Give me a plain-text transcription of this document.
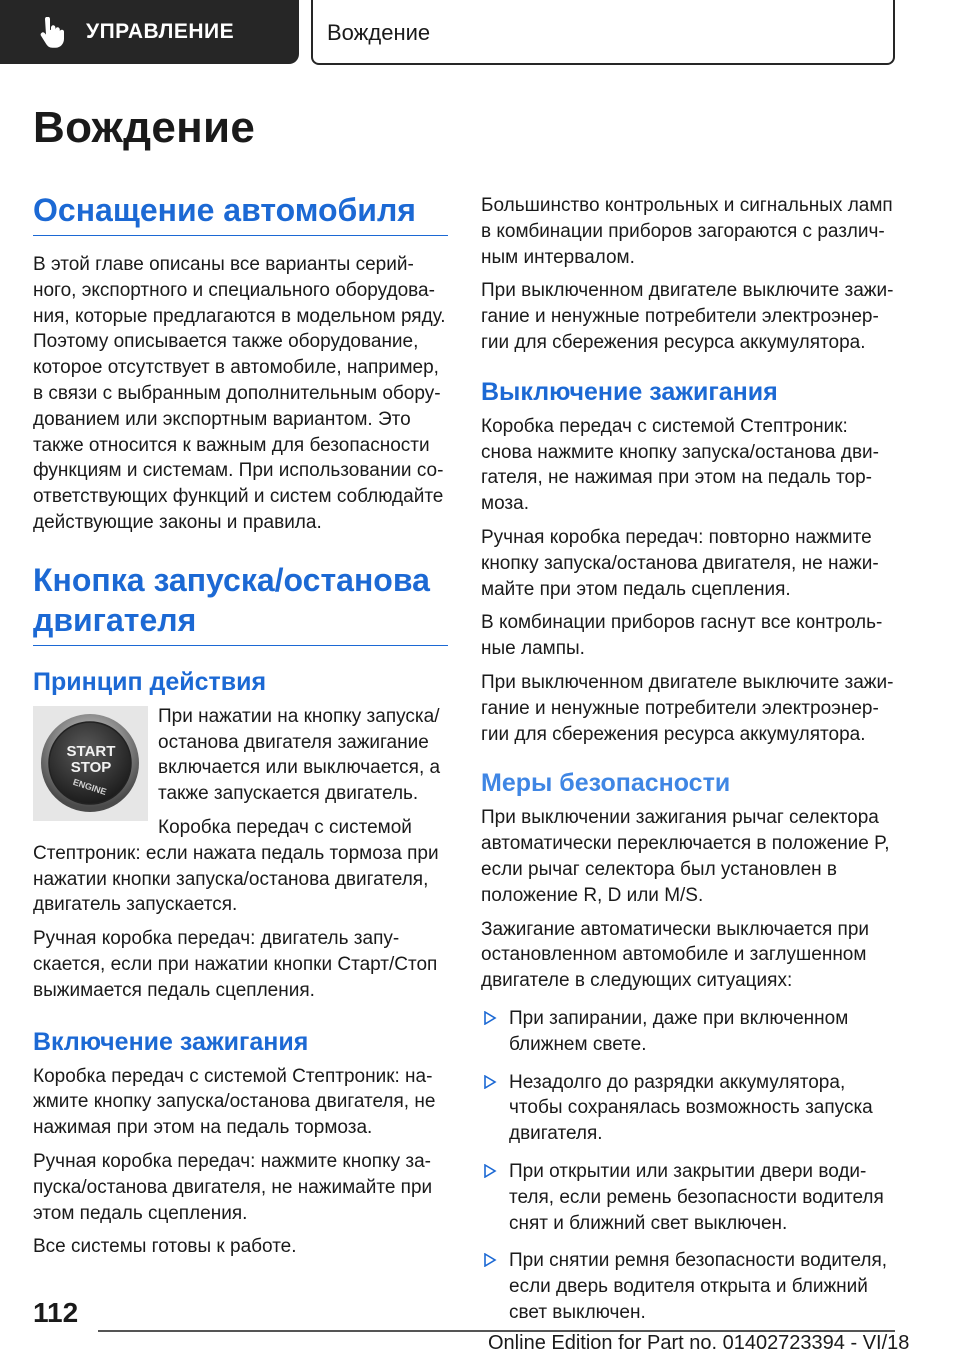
УПРАВЛЕНИЕ	Вождение
Вождение
Оснащение автомобиля
В этой главе описаны все варианты серий-
ного, экспортного и специального оборудова-
ния, которые предлагаются в модельном ряду.
Поэтому описывается также оборудование,
которое отсутствует в автомобиле, например,
в связи с выбранным дополнительным обору-
дованием или экспортным вариантом. Это
также относится к важным для безопасности
функциям и системам. При использовании со-
ответствующих функций и систем соблюдайте
действующие законы и правила.
Кнопка запуска/останова
двигателя
Принцип действия
START
STOP
ENGINE
При нажатии на кнопку запуска/
останова двигателя зажигание
включается или выключается, а
также запускается двигатель.
Коробка передач с системой
Стептроник: если нажата педаль тормоза при
нажатии кнопки запуска/останова двигателя,
двигатель запускается.
Ручная коробка передач: двигатель запу-
скается, если при нажатии кнопки Старт/Стоп
выжимается педаль сцепления.
Включение зажигания
Коробка передач с системой Стептроник: на-
жмите кнопку запуска/останова двигателя, не
нажимая при этом на педаль тормоза.
Ручная коробка передач: нажмите кнопку за-
пуска/останова двигателя, не нажимайте при
этом педаль сцепления.
Все системы готовы к работе.
Большинство контрольных и сигнальных ламп
в комбинации приборов загораются с различ-
ным интервалом.
При выключенном двигателе выключите зажи-
гание и ненужные потребители электроэнер-
гии для сбережения ресурса аккумулятора.
Выключение зажигания
Коробка передач с системой Стептроник:
снова нажмите кнопку запуска/останова дви-
гателя, не нажимая при этом на педаль тор-
моза.
Ручная коробка передач: повторно нажмите
кнопку запуска/останова двигателя, не нажи-
майте при этом педаль сцепления.
В комбинации приборов гаснут все контроль-
ные лампы.
При выключенном двигателе выключите зажи-
гание и ненужные потребители электроэнер-
гии для сбережения ресурса аккумулятора.
Меры безопасности
При выключении зажигания рычаг селектора
автоматически переключается в положение P,
если рычаг селектора был установлен в
положение R, D или M/S.
Зажигание автоматически выключается при
остановленном автомобиле и заглушенном
двигателе в следующих ситуациях:
При запирании, даже при включенном
ближнем свете.
Незадолго до разрядки аккумулятора,
чтобы сохранялась возможность запуска
двигателя.
При открытии или закрытии двери води-
теля, если ремень безопасности водителя
снят и ближний свет выключен.
При снятии ремня безопасности водителя,
если дверь водителя открыта и ближний
свет выключен.
112
Online Edition for Part no. 01402723394 - VI/18
